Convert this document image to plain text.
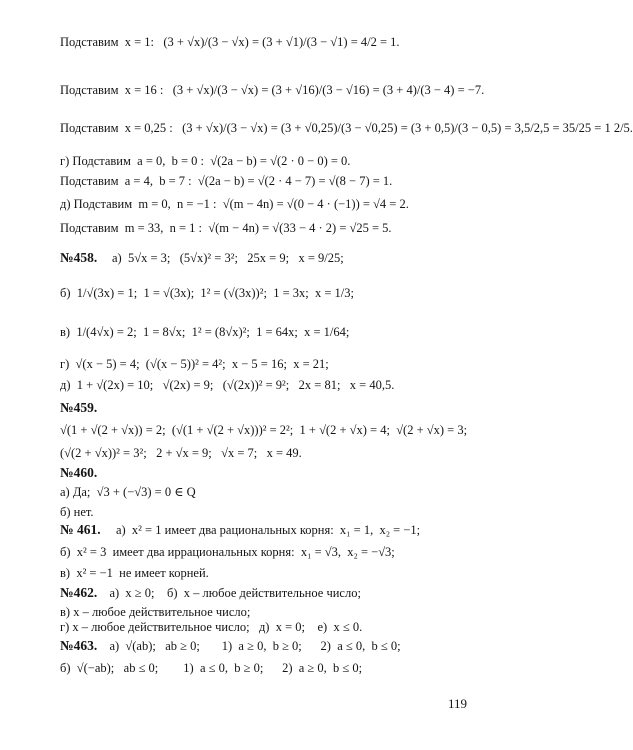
Подставим  x = 1:   (3 + √x)/(3 − √x) = (3 + √1)/(3 − √1) = 4/2 = 1.
Подставим  x = 16 :   (3 + √x)/(3 − √x) = (3 + √16)/(3 − √16) = (3 + 4)/(3 − 4) = −7.
Подставим  x = 0,25 :   (3 + √x)/(3 − √x) = (3 + √0,25)/(3 − √0,25) = (3 + 0,5)/(3 − 0,5) = 3,5/2,5 = 35/25 = 1 2/5.
г) Подставим  a = 0,  b = 0 :  √(2a − b) = √(2 · 0 − 0) = 0.
Подставим  a = 4,  b = 7 :  √(2a − b) = √(2 · 4 − 7) = √(8 − 7) = 1.
д) Подставим  m = 0,  n = −1 :  √(m − 4n) = √(0 − 4 · (−1)) = √4 = 2.
Подставим  m = 33,  n = 1 :  √(m − 4n) = √(33 − 4 · 2) = √25 = 5.
а)  5√x = 3;   (5√x)² = 3²;   25x = 9;   x = 9/25;
б)  1/√(3x) = 1;  1 = √(3x);  1² = (√(3x))²;  1 = 3x;  x = 1/3;
в)  1/(4√x) = 2;  1 = 8√x;  1² = (8√x)²;  1 = 64x;  x = 1/64;
г)  √(x − 5) = 4;  (√(x − 5))² = 4²;  x − 5 = 16;  x = 21;
д)  1 + √(2x) = 10;   √(2x) = 9;   (√(2x))² = 9²;   2x = 81;   x = 40,5.
№459.
√(1 + √(2 + √x)) = 2;  (√(1 + √(2 + √x)))² = 2²;  1 + √(2 + √x) = 4;  √(2 + √x) = 3;
(√(2 + √x))² = 3²;   2 + √x = 9;   √x = 7;   x = 49.
№460.
а) Да;  √3 + (−√3) = 0 ∈ Q
б) нет.
№ 461.   а)  x² = 1 имеет два рациональных корня:  x₁ = 1,  x₂ = −1;
б)  x² = 3  имеет два иррациональных корня:  x₁ = √3,  x₂ = −√3;
в)  x² = −1  не имеет корней.
№462.  а)  x ≥ 0;    б)  x – любое действительное число;
в) x – любое действительное число;
г) x – любое действительное число;   д)  x = 0;    е)  x ≤ 0.
№463.  а)  √(ab);   ab ≥ 0;       1)  a ≥ 0,  b ≥ 0;      2)  a ≤ 0,  b ≤ 0;
б)  √(−ab);   ab ≤ 0;        1)  a ≤ 0,  b ≥ 0;      2)  a ≥ 0,  b ≤ 0;
№458.
119
